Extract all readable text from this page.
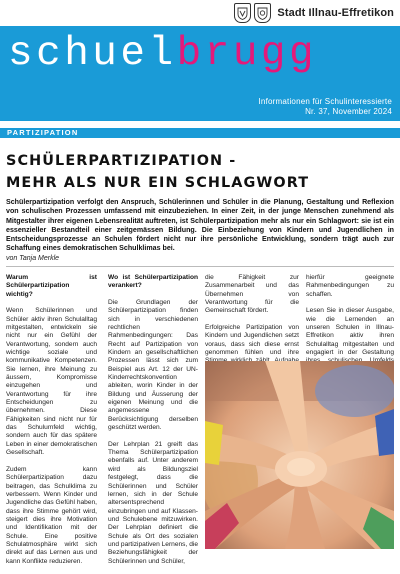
Stadt Illnau-Effretikon
schuelbrugg
Informationen für Schulinteressierte
Nr. 37, November 2024
PARTIZIPATION
SCHÜLERPARTIZIPATION -
MEHR ALS NUR EIN SCHLAGWORT
Schülerpartizipation verfolgt den Anspruch, Schülerinnen und Schüler in die Planung, Gestaltung und Reflexion von schulischen Prozessen umfassend mit einzubeziehen. In einer Zeit, in der junge Menschen zunehmend als Mitgestalter ihrer eigenen Lebensrealität auftreten, ist Schülerpartizipation mehr als nur ein Schlagwort: sie ist ein essenzieller Bestandteil einer zeitgemässen Bildung. Die Einbeziehung von Kindern und Jugendlichen in Entscheidungsprozesse an Schulen fördert nicht nur ihre persönliche Entwicklung, sondern trägt auch zur Schaffung eines demokratischen Schulklimas bei.
von Tanja Merkle
Warum ist Schülerpartizipation wichtig?

Wenn Schülerinnen und Schüler aktiv ihren Schulalltag mitgestalten, entwickeln sie nicht nur ein Gefühl der Verantwortung, sondern auch wichtige soziale und kommunikative Kompetenzen. Sie lernen, ihre Meinung zu äussern, Kompromisse einzugehen und Verantwortung für ihre Entscheidungen zu übernehmen. Diese Fähigkeiten sind nicht nur für das Schulumfeld wichtig, sondern auch für das spätere Leben in einer demokratischen Gesellschaft.

Zudem kann Schülerpartizipation dazu beitragen, das Schulklima zu verbessern. Wenn Kinder und Jugendliche das Gefühl haben, dass ihre Stimme gehört wird, steigert dies ihre Motivation und Identifikation mit der Schule. Eine positive Schulatmosphäre wirkt sich direkt auf das Lernen aus und kann Konflikte reduzieren.

Wo ist Schülerpartizipation verankert?

Die Grundlagen der Schülerpartizipation finden sich in verschiedenen rechtlichen Rahmenbedingungen: Das Recht auf Partizipation von Kindern an gesellschaftlichen Prozessen lässt sich zum Beispiel aus Art. 12 der UN-Kinderrechtskonvention ableiten, worin Kinder in der Bildung und Äusserung der eigenen Meinung und die angemessene Berücksichtigung derselben geschützt werden.

Der Lehrplan 21 greift das Thema Schülerpartizipation ebenfalls auf. Unter anderem wird als Bildungsziel festgelegt, dass die Schülerinnen und Schüler lernen, sich in der Schule altersentsprechend einzubringen und auf Klassen- und Schulebene mitzuwirken. Der Lehrplan definiert die Schule als Ort des sozialen und partizipativen Lernens, die Beziehungsfähigkeit der Schülerinnen und Schüler,

die Fähigkeit zur Zusammenarbeit und das Übernehmen von Verantwortung für die Gemeinschaft fördert.

Erfolgreiche Partizipation von Kindern und Jugendlichen setzt voraus, dass sich diese ernst genommen fühlen und ihre

hierfür geeignete Rahmenbedingungen zu schaffen.

Lesen Sie in dieser Ausgabe, wie die Lernenden an unseren Schulen in Illnau-Effretikon aktiv ihren Schulalltag mitgestalten und engagiert in der Gestaltung
